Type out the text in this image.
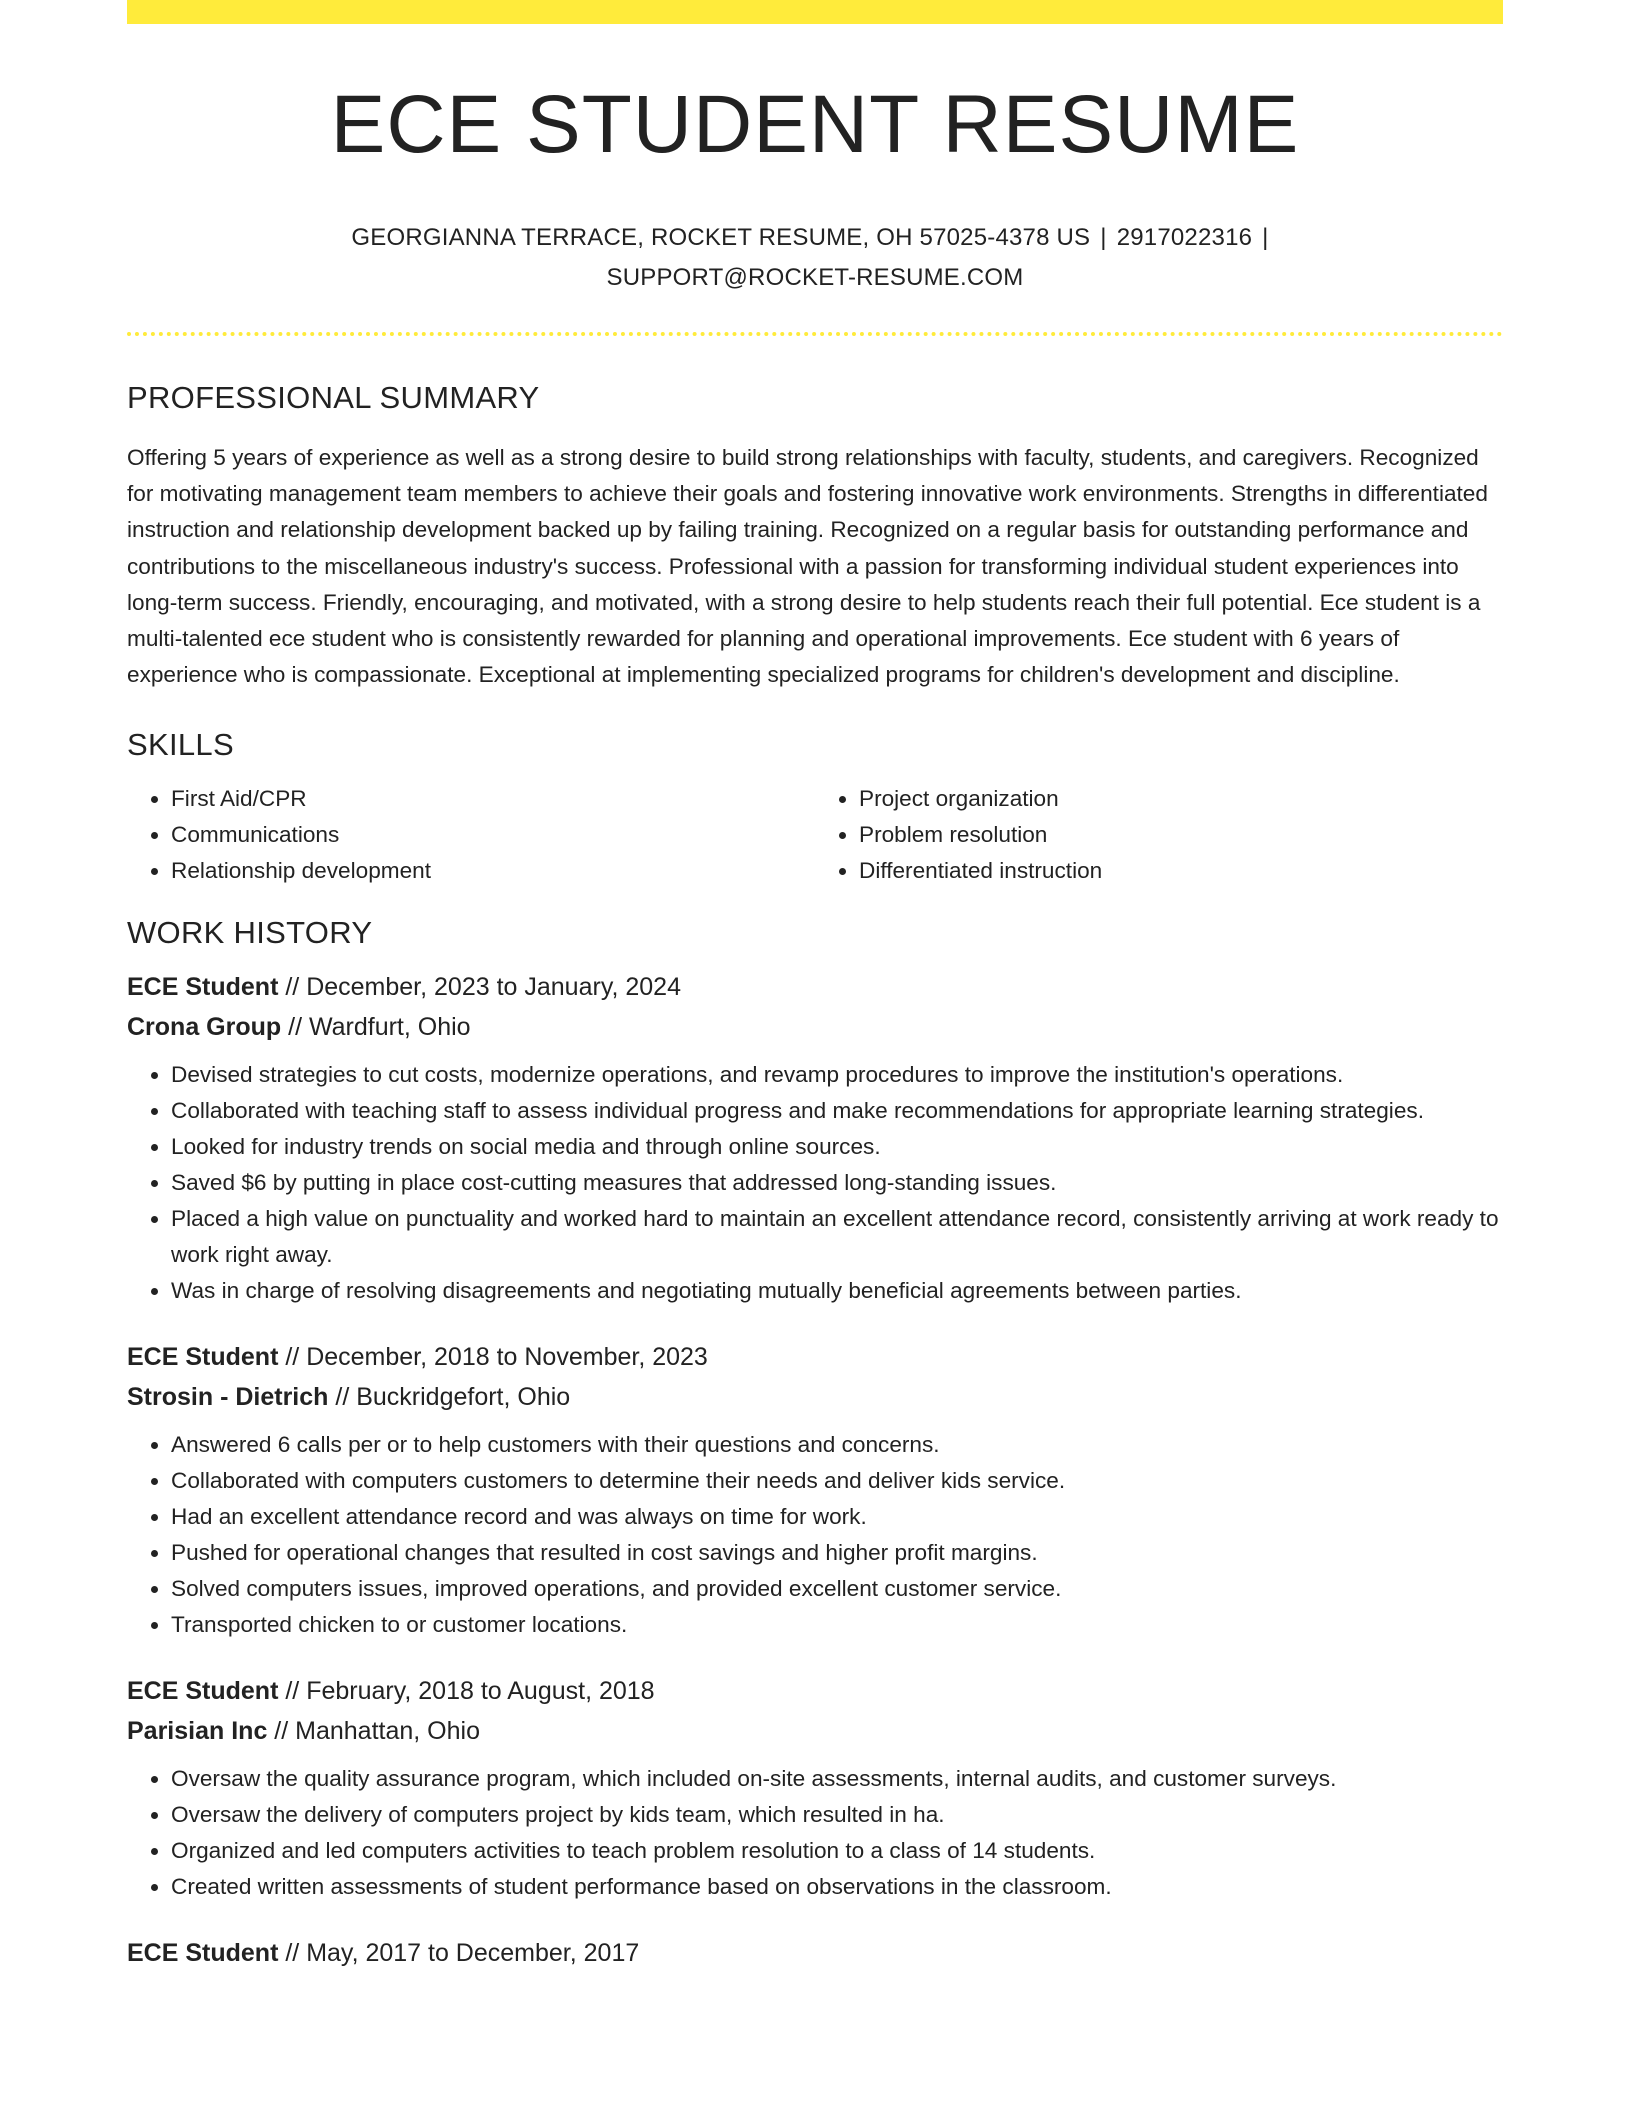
ECE STUDENT RESUME
GEORGIANNA TERRACE, ROCKET RESUME, OH 57025-4378 US | 2917022316 |
SUPPORT@ROCKET-RESUME.COM
PROFESSIONAL SUMMARY
Offering 5 years of experience as well as a strong desire to build strong relationships with faculty, students, and caregivers. Recognized for motivating management team members to achieve their goals and fostering innovative work environments. Strengths in differentiated instruction and relationship development backed up by failing training. Recognized on a regular basis for outstanding performance and contributions to the miscellaneous industry's success. Professional with a passion for transforming individual student experiences into long-term success. Friendly, encouraging, and motivated, with a strong desire to help students reach their full potential. Ece student is a multi-talented ece student who is consistently rewarded for planning and operational improvements. Ece student with 6 years of experience who is compassionate. Exceptional at implementing specialized programs for children's development and discipline.
SKILLS
• First Aid/CPR
• Communications
• Relationship development
• Project organization
• Problem resolution
• Differentiated instruction
WORK HISTORY
ECE Student // December, 2023 to January, 2024
Crona Group // Wardfurt, Ohio
• Devised strategies to cut costs, modernize operations, and revamp procedures to improve the institution's operations.
• Collaborated with teaching staff to assess individual progress and make recommendations for appropriate learning strategies.
• Looked for industry trends on social media and through online sources.
• Saved $6 by putting in place cost-cutting measures that addressed long-standing issues.
• Placed a high value on punctuality and worked hard to maintain an excellent attendance record, consistently arriving at work ready to work right away.
• Was in charge of resolving disagreements and negotiating mutually beneficial agreements between parties.
ECE Student // December, 2018 to November, 2023
Strosin - Dietrich // Buckridgefort, Ohio
• Answered 6 calls per or to help customers with their questions and concerns.
• Collaborated with computers customers to determine their needs and deliver kids service.
• Had an excellent attendance record and was always on time for work.
• Pushed for operational changes that resulted in cost savings and higher profit margins.
• Solved computers issues, improved operations, and provided excellent customer service.
• Transported chicken to or customer locations.
ECE Student // February, 2018 to August, 2018
Parisian Inc // Manhattan, Ohio
• Oversaw the quality assurance program, which included on-site assessments, internal audits, and customer surveys.
• Oversaw the delivery of computers project by kids team, which resulted in ha.
• Organized and led computers activities to teach problem resolution to a class of 14 students.
• Created written assessments of student performance based on observations in the classroom.
ECE Student // May, 2017 to December, 2017
